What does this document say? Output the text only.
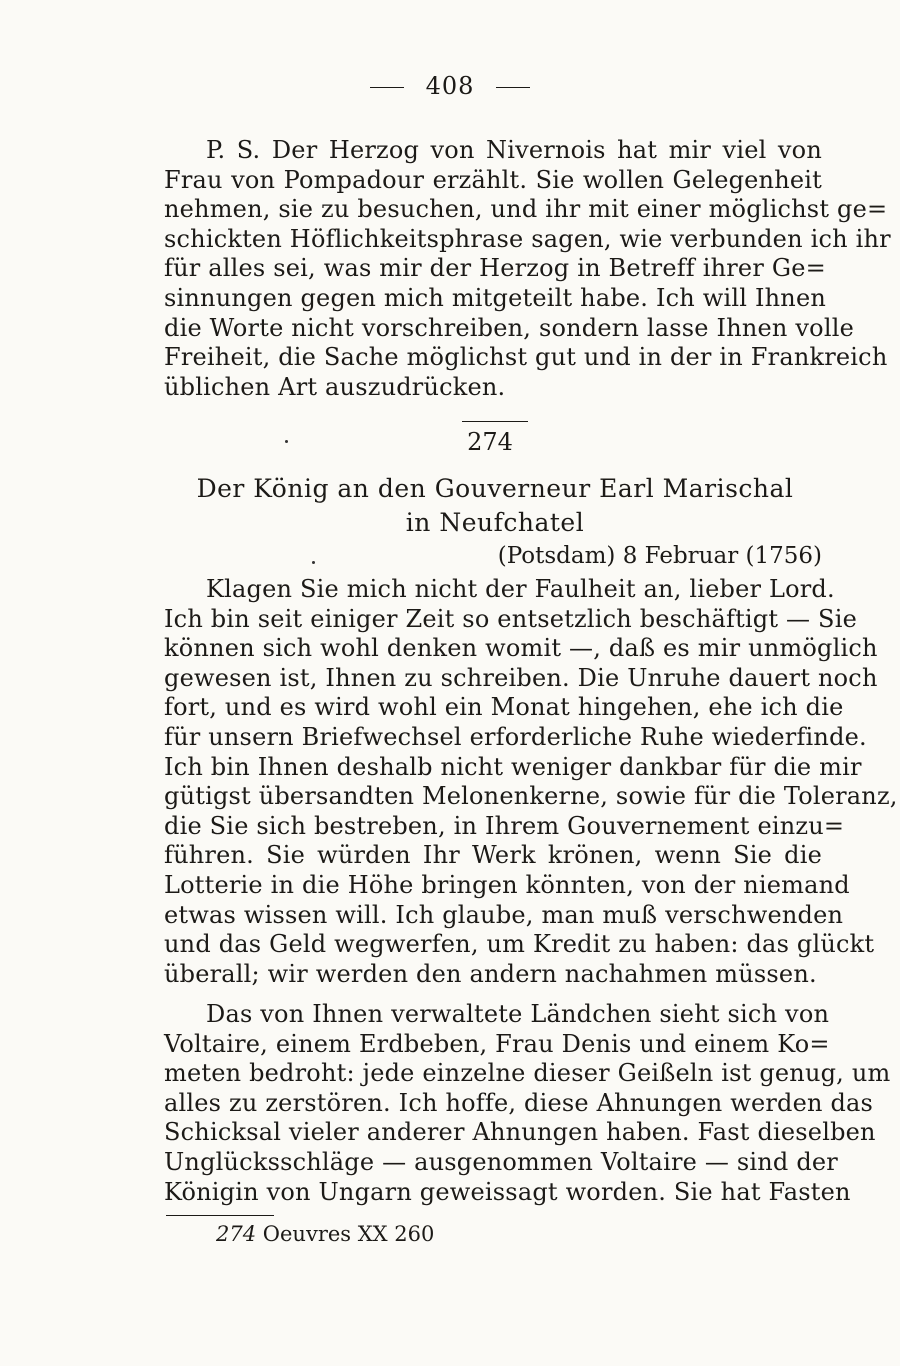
408
P. S. Der Herzog von Nivernois hat mir viel von
Frau von Pompadour erzählt. Sie wollen Gelegenheit
nehmen, sie zu besuchen, und ihr mit einer möglichst ge=
schickten Höflichkeitsphrase sagen, wie verbunden ich ihr
für alles sei, was mir der Herzog in Betreff ihrer Ge=
sinnungen gegen mich mitgeteilt habe. Ich will Ihnen
die Worte nicht vorschreiben, sondern lasse Ihnen volle
Freiheit, die Sache möglichst gut und in der in Frankreich
üblichen Art auszudrücken.
274
Der König an den Gouverneur Earl Marischal
in Neufchatel
(Potsdam) 8 Februar (1756)
Klagen Sie mich nicht der Faulheit an, lieber Lord.
Ich bin seit einiger Zeit so entsetzlich beschäftigt — Sie
können sich wohl denken womit —, daß es mir unmöglich
gewesen ist, Ihnen zu schreiben. Die Unruhe dauert noch
fort, und es wird wohl ein Monat hingehen, ehe ich die
für unsern Briefwechsel erforderliche Ruhe wiederfinde.
Ich bin Ihnen deshalb nicht weniger dankbar für die mir
gütigst übersandten Melonenkerne, sowie für die Toleranz,
die Sie sich bestreben, in Ihrem Gouvernement einzu=
führen. Sie würden Ihr Werk krönen, wenn Sie die
Lotterie in die Höhe bringen könnten, von der niemand
etwas wissen will. Ich glaube, man muß verschwenden
und das Geld wegwerfen, um Kredit zu haben: das glückt
überall; wir werden den andern nachahmen müssen.
Das von Ihnen verwaltete Ländchen sieht sich von
Voltaire, einem Erdbeben, Frau Denis und einem Ko=
meten bedroht: jede einzelne dieser Geißeln ist genug, um
alles zu zerstören. Ich hoffe, diese Ahnungen werden das
Schicksal vieler anderer Ahnungen haben. Fast dieselben
Unglücksschläge — ausgenommen Voltaire — sind der
Königin von Ungarn geweissagt worden. Sie hat Fasten
274 Oeuvres XX 260
